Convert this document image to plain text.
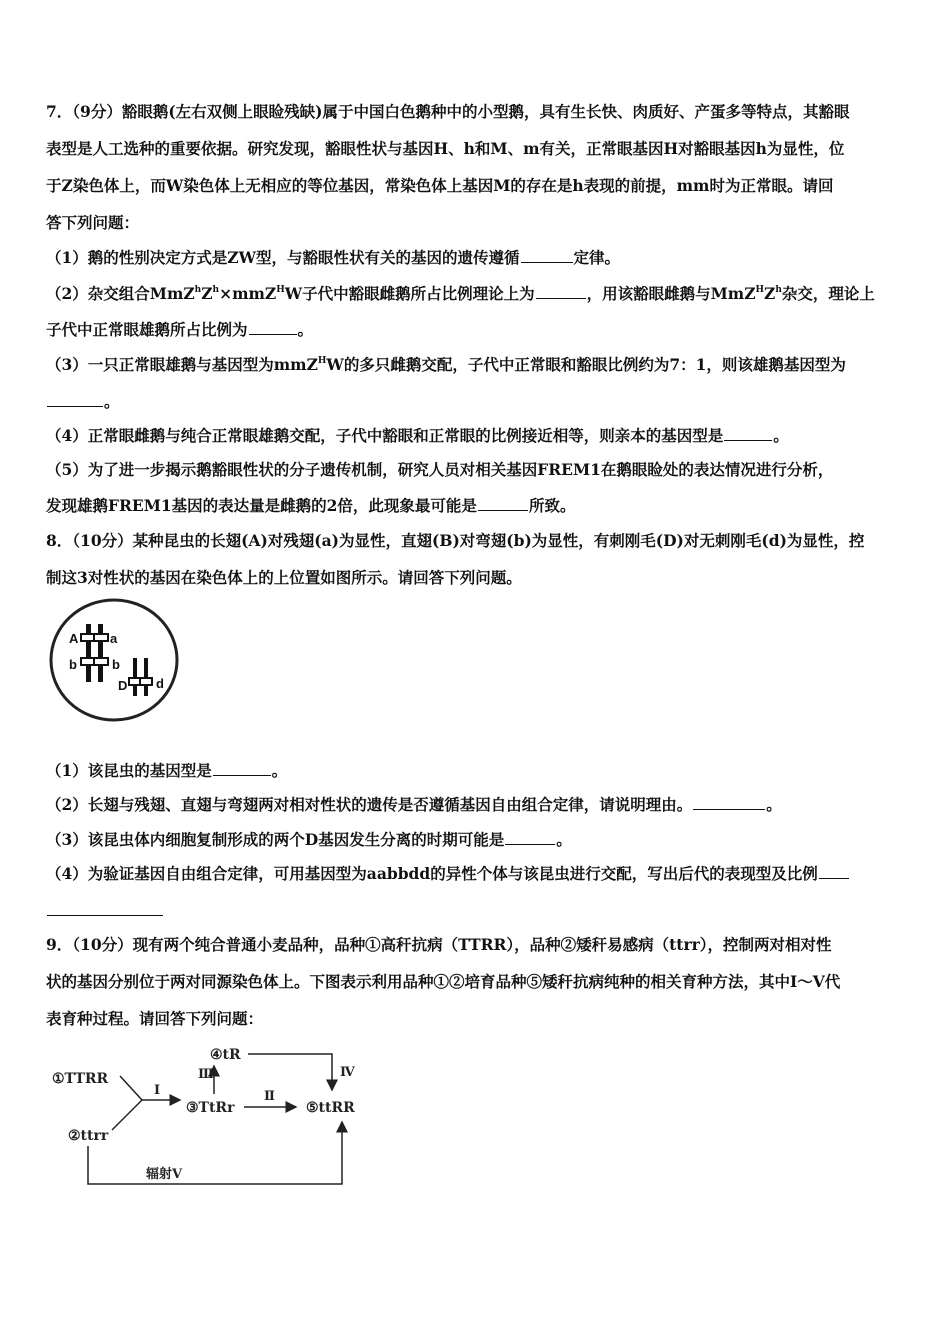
7．（9分）豁眼鹅(左右双侧上眼睑残缺)属于中国白色鹅种中的小型鹅，具有生长快、肉质好、产蛋多等特点，其豁眼
表型是人工选种的重要依据。研究发现，豁眼性状与基因H、h和M、m有关，正常眼基因H对豁眼基因h为显性，位
于Z染色体上，而W染色体上无相应的等位基因，常染色体上基因M的存在是h表现的前提，mm时为正常眼。请回
答下列问题：
（1）鹅的性别决定方式是ZW型，与豁眼性状有关的基因的遗传遵循	定律。
（2）杂交组合$MmZ^hZ^h\times mmZ^HW$子代中豁眼雌鹅所占比例理论上为	，用该豁眼雌鹅与$MmZ^HZ^h$杂交，理论上
子代中正常眼雄鹅所占比例为	。
（3）一只正常眼雄鹅与基因型为mmZ$^H$W的多只雌鹅交配，子代中正常眼和豁眼比例约为7：1，则该雄鹅基因型为
。
（4）正常眼雌鹅与纯合正常眼雄鹅交配，子代中豁眼和正常眼的比例接近相等，则亲本的基因型是	。
（5）为了进一步揭示鹅豁眼性状的分子遗传机制，研究人员对相关基因FREM1在鹅眼睑处的表达情况进行分析，
发现雄鹅FREM1基因的表达量是雌鹅的2倍，此现象最可能是	所致。
8．（10分）某种昆虫的长翅(A)对残翅(a)为显性，直翅(B)对弯翅(b)为显性，有刺刚毛(D)对无刺刚毛(d)为显性，控
制这3对性状的基因在染色体上的上位置如图所示。请回答下列问题。
A a
b	b
D d
（1）该昆虫的基因型是	。
（2）长翅与残翅、直翅与弯翅两对相对性状的遗传是否遵循基因自由组合定律，请说明理由。	。
（3）该昆虫体内细胞复制形成的两个D基因发生分离的时期可能是	。
（4）为验证基因自由组合定律，可用基因型为aabbdd的异性个体与该昆虫进行交配，写出后代的表现型及比例
9．（10分）现有两个纯合普通小麦品种，品种①高秆抗病（TTRR），品种②矮秆易感病（ttrr），控制两对相对性
状的基因分别位于两对同源染色体上。下图表示利用品种①②培育品种⑤矮秆抗病纯种的相关育种方法，其中Ⅰ～Ⅴ代
表育种过程。请回答下列问题：
①TTRR
②ttrr
③TtRr
④tR
⑤ttRR
Ⅰ	Ⅱ
Ⅲ	Ⅳ
辐射Ⅴ
